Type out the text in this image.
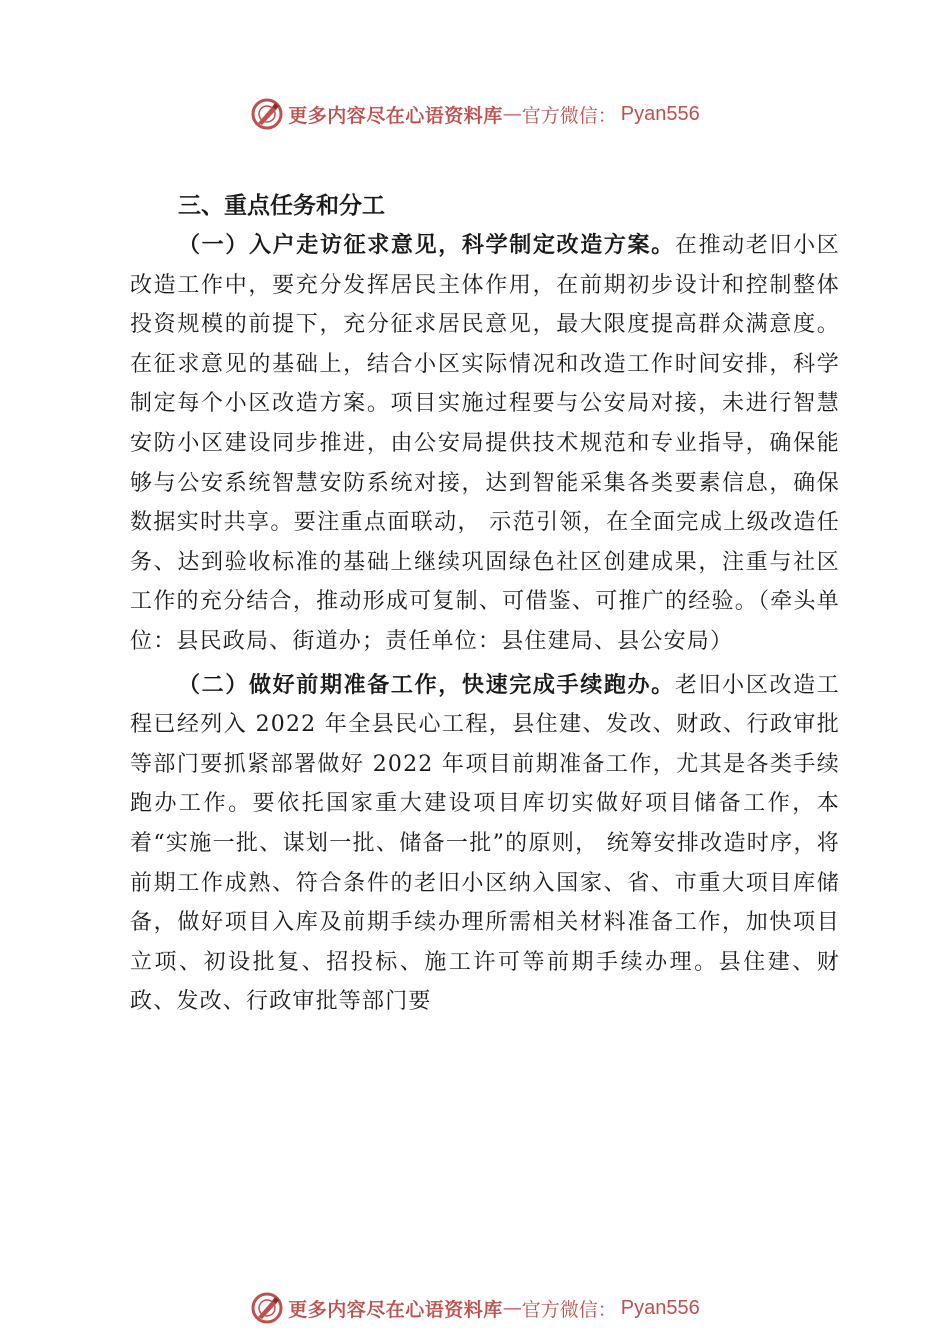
更多内容尽在心语资料库 — 官方微信： Pyan556
三、重点任务和分工

（一）入户走访征求意见，科学制定改造方案。在推动老旧小区改造工作中，要充分发挥居民主体作用，在前期初步设计和控制整体投资规模的前提下，充分征求居民意见，最大限度提高群众满意度。在征求意见的基础上，结合小区实际情况和改造工作时间安排，科学制定每个小区改造方案。项目实施过程要与公安局对接，未进行智慧安防小区建设同步推进，由公安局提供技术规范和专业指导，确保能够与公安系统智慧安防系统对接，达到智能采集各类要素信息，确保数据实时共享。要注重点面联动， 示范引领，在全面完成上级改造任务、达到验收标准的基础上继续巩固绿色社区创建成果，注重与社区工作的充分结合，推动形成可复制、可借鉴、可推广的经验。（牵头单位：县民政局、街道办；责任单位：县住建局、县公安局）

（二）做好前期准备工作，快速完成手续跑办。老旧小区改造工程已经列入 2022 年全县民心工程，县住建、发改、财政、行政审批等部门要抓紧部署做好 2022 年项目前期准备工作，尤其是各类手续跑办工作。要依托国家重大建设项目库切实做好项目储备工作，本着“实施一批、谋划一批、储备一批”的原则， 统筹安排改造时序，将前期工作成熟、符合条件的老旧小区纳入国家、省、市重大项目库储备，做好项目入库及前期手续办理所需相关材料准备工作，加快项目立项、初设批复、招投标、施工许可等前期手续办理。县住建、财政、发改、行政审批等部门要

更多内容尽在心语资料库 — 官方微信： Pyan556
